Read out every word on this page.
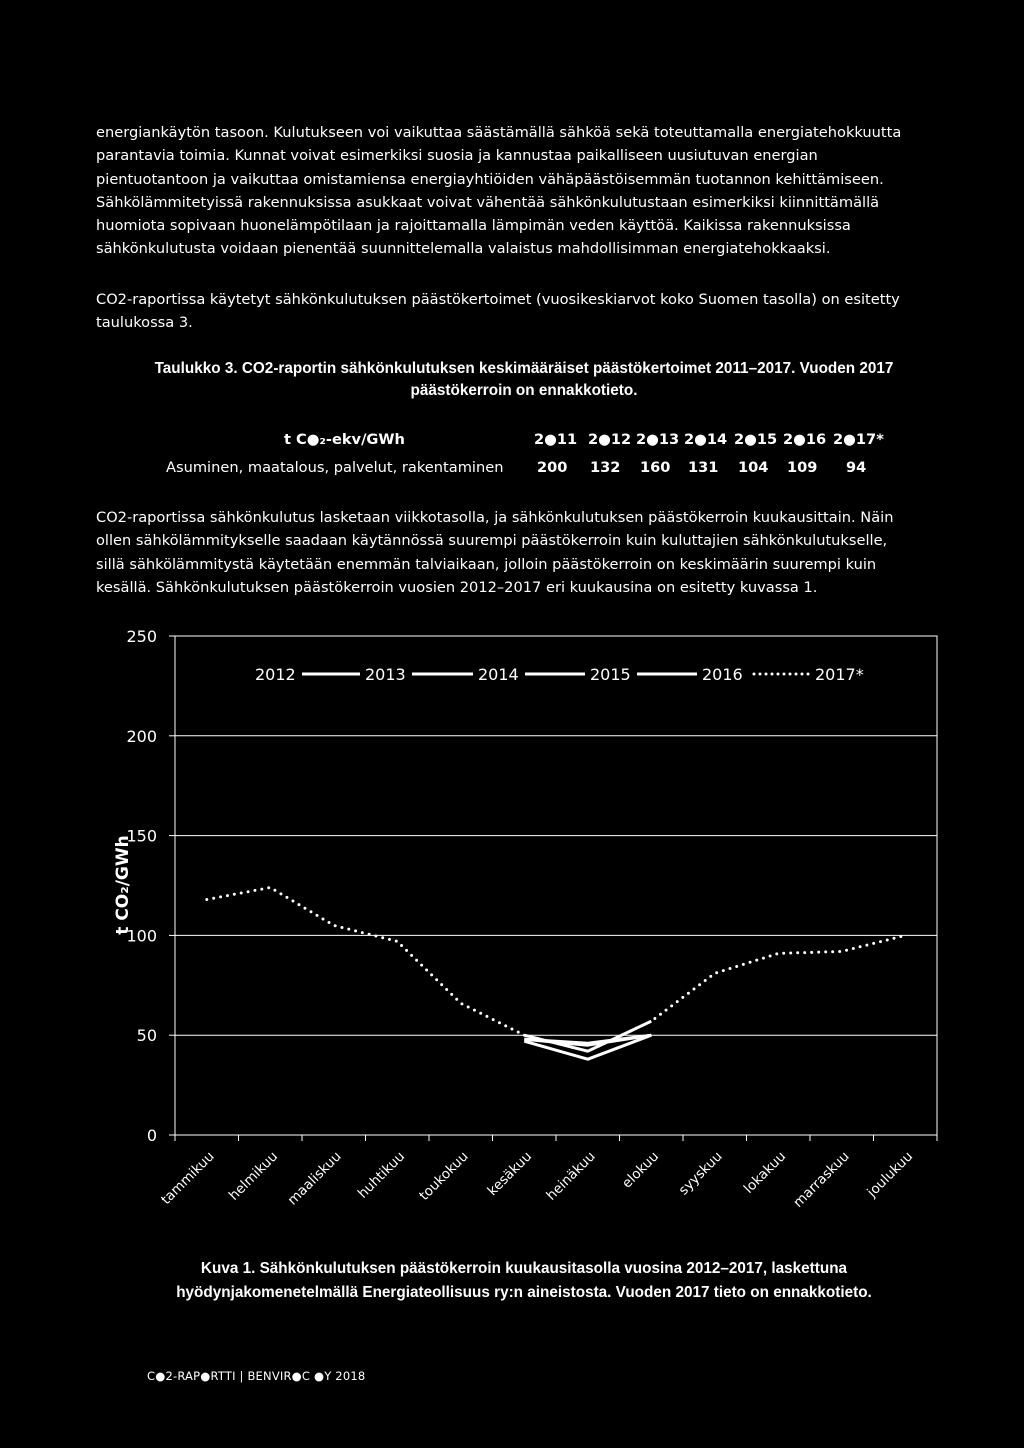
energiankäytön tasoon. Kulutukseen voi vaikuttaa säästämällä sähköä sekä toteuttamalla energiatehokkuutta
parantavia toimia. Kunnat voivat esimerkiksi suosia ja kannustaa paikalliseen uusiutuvan energian
pientuotantoon ja vaikuttaa omistamiensa energiayhtiöiden vähäpäästöisemmän tuotannon kehittämiseen.
Sähkölämmitetyissä rakennuksissa asukkaat voivat vähentää sähkönkulutustaan esimerkiksi kiinnittämällä
huomiota sopivaan huonelämpötilaan ja rajoittamalla lämpimän veden käyttöä. Kaikissa rakennuksissa
sähkönkulutusta voidaan pienentää suunnittelemalla valaistus mahdollisimman energiatehokkaaksi.
CO2-raportissa käytetyt sähkönkulutuksen päästökertoimet (vuosikeskiarvot koko Suomen tasolla) on esitetty
taulukossa 3.
Taulukko 3. CO2-raportin sähkönkulutuksen keskimääräiset päästökertoimet 2011–2017. Vuoden 2017
päästökerroin on ennakkotieto.
t C●₂-ekv/GWh	2●11 2●12 2●13 2●14 2●15 2●16 2●17*
Asuminen, maatalous, palvelut, rakentaminen 200 132 160 131 104 109 94
CO2-raportissa sähkönkulutus lasketaan viikkotasolla, ja sähkönkulutuksen päästökerroin kuukausittain. Näin
ollen sähkölämmitykselle saadaan käytännössä suurempi päästökerroin kuin kuluttajien sähkönkulutukselle,
sillä sähkölämmitystä käytetään enemmän talviaikaan, jolloin päästökerroin on keskimäärin suurempi kuin
kesällä. Sähkönkulutuksen päästökerroin vuosien 2012–2017 eri kuukausina on esitetty kuvassa 1.
0
50
100
150
200
250
tammikuu helmikuu maaliskuu huhtikuu toukokuu kesäkuu heinäkuu elokuu syyskuu lokakuu marraskuu joulukuu
2012	2013	2014	2015	2016	2017*
t CO₂/GWh
Kuva 1. Sähkönkulutuksen päästökerroin kuukausitasolla vuosina 2012–2017, laskettuna
hyödynjakomenetelmällä Energiateollisuus ry:n aineistosta. Vuoden 2017 tieto on ennakkotieto.
C●2-RAP●RTTI | BENVIR●C ●Y 2018
